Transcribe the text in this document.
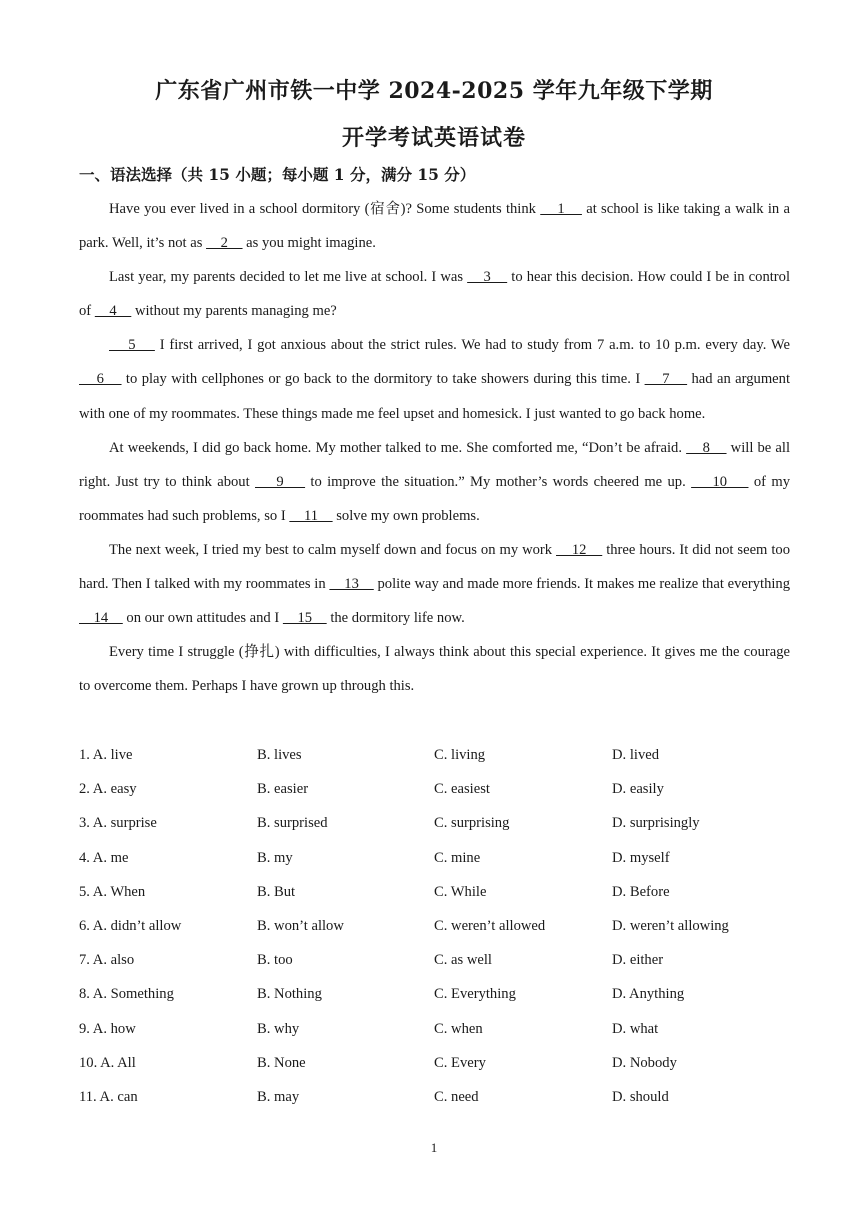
广东省广州市铁一中学 2024-2025 学年九年级下学期
开学考试英语试卷
一、语法选择（共 15 小题；每小题 1 分，满分 15 分）

Have you ever lived in a school dormitory (宿舍)? Some students think     1     at school is like taking a walk in a park. Well, it’s not as     2     as you might imagine.

Last year, my parents decided to let me live at school. I was     3     to hear this decision. How could I be in control of     4     without my parents managing me?

5     I first arrived, I got anxious about the strict rules. We had to study from 7 a.m. to 10 p.m. every day. We     6     to play with cellphones or go back to the dormitory to take showers during this time. I     7     had an argument with one of my roommates. These things made me feel upset and homesick. I just wanted to go back home.

At weekends, I did go back home. My mother talked to me. She comforted me, “Don’t be afraid.     8     will be all right. Just try to think about     9     to improve the situation.” My mother’s words cheered me up.     10     of my roommates had such problems, so I     11     solve my own problems.

The next week, I tried my best to calm myself down and focus on my work     12     three hours. It did not seem too hard. Then I talked with my roommates in     13     polite way and made more friends. It makes me realize that everything     14     on our own attitudes and I     15     the dormitory life now.

Every time I struggle (挣扎) with difficulties, I always think about this special experience. It gives me the courage to overcome them. Perhaps I have grown up through this.

1. A. live	B. lives	C. living	D. lived
2. A. easy	B. easier	C. easiest	D. easily
3. A. surprise	B. surprised	C. surprising	D. surprisingly
4. A. me	B. my	C. mine	D. myself
5. A. When	B. But	C. While	D. Before
6. A. didn’t allow	B. won’t allow	C. weren’t allowed	D. weren’t allowing
7. A. also	B. too	C. as well	D. either
8. A. Something	B. Nothing	C. Everything	D. Anything
9. A. how	B. why	C. when	D. what
10. A. All	B. None	C. Every	D. Nobody
11. A. can	B. may	C. need	D. should
1
